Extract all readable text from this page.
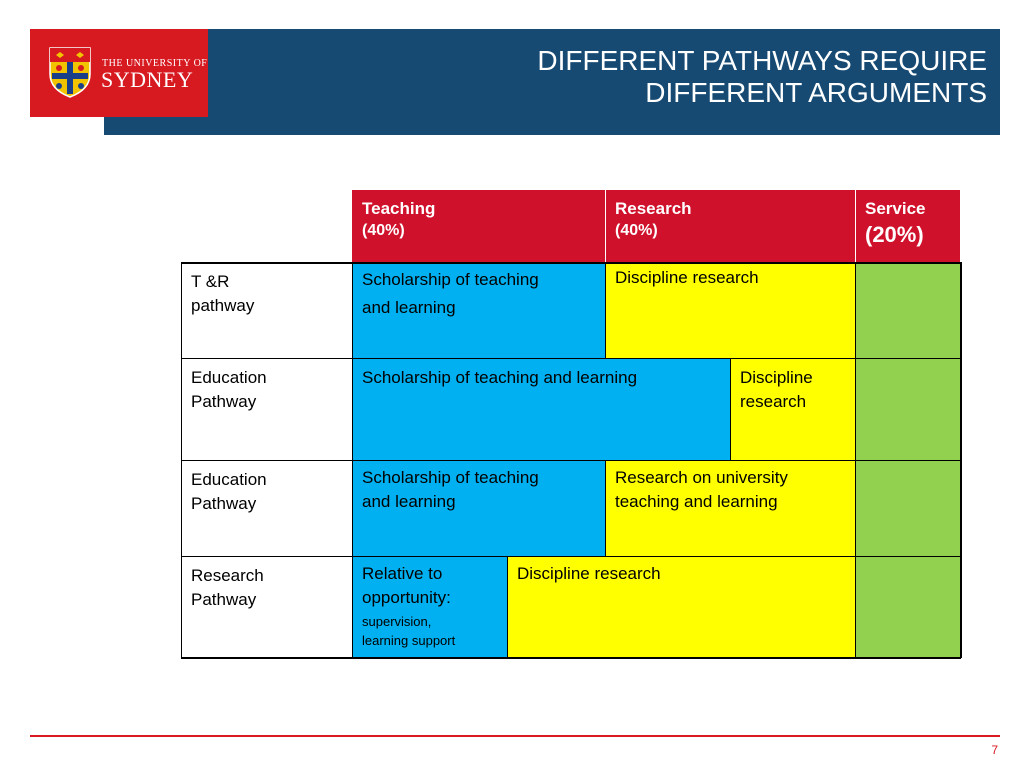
THE UNIVERSITY OF
SYDNEY
DIFFERENT PATHWAYS REQUIRE
DIFFERENT ARGUMENTS
Teaching
(40%)
Research
(40%)
Service
(20%)
T &R
pathway
Scholarship of teaching
and learning
Discipline research
Education
Pathway
Scholarship of teaching and learning	Discipline
research
Education
Pathway
Scholarship of teaching
and learning
Research on university
teaching and learning
Research
Pathway
Relative to
opportunity:
supervision,
learning support
Discipline research
7
